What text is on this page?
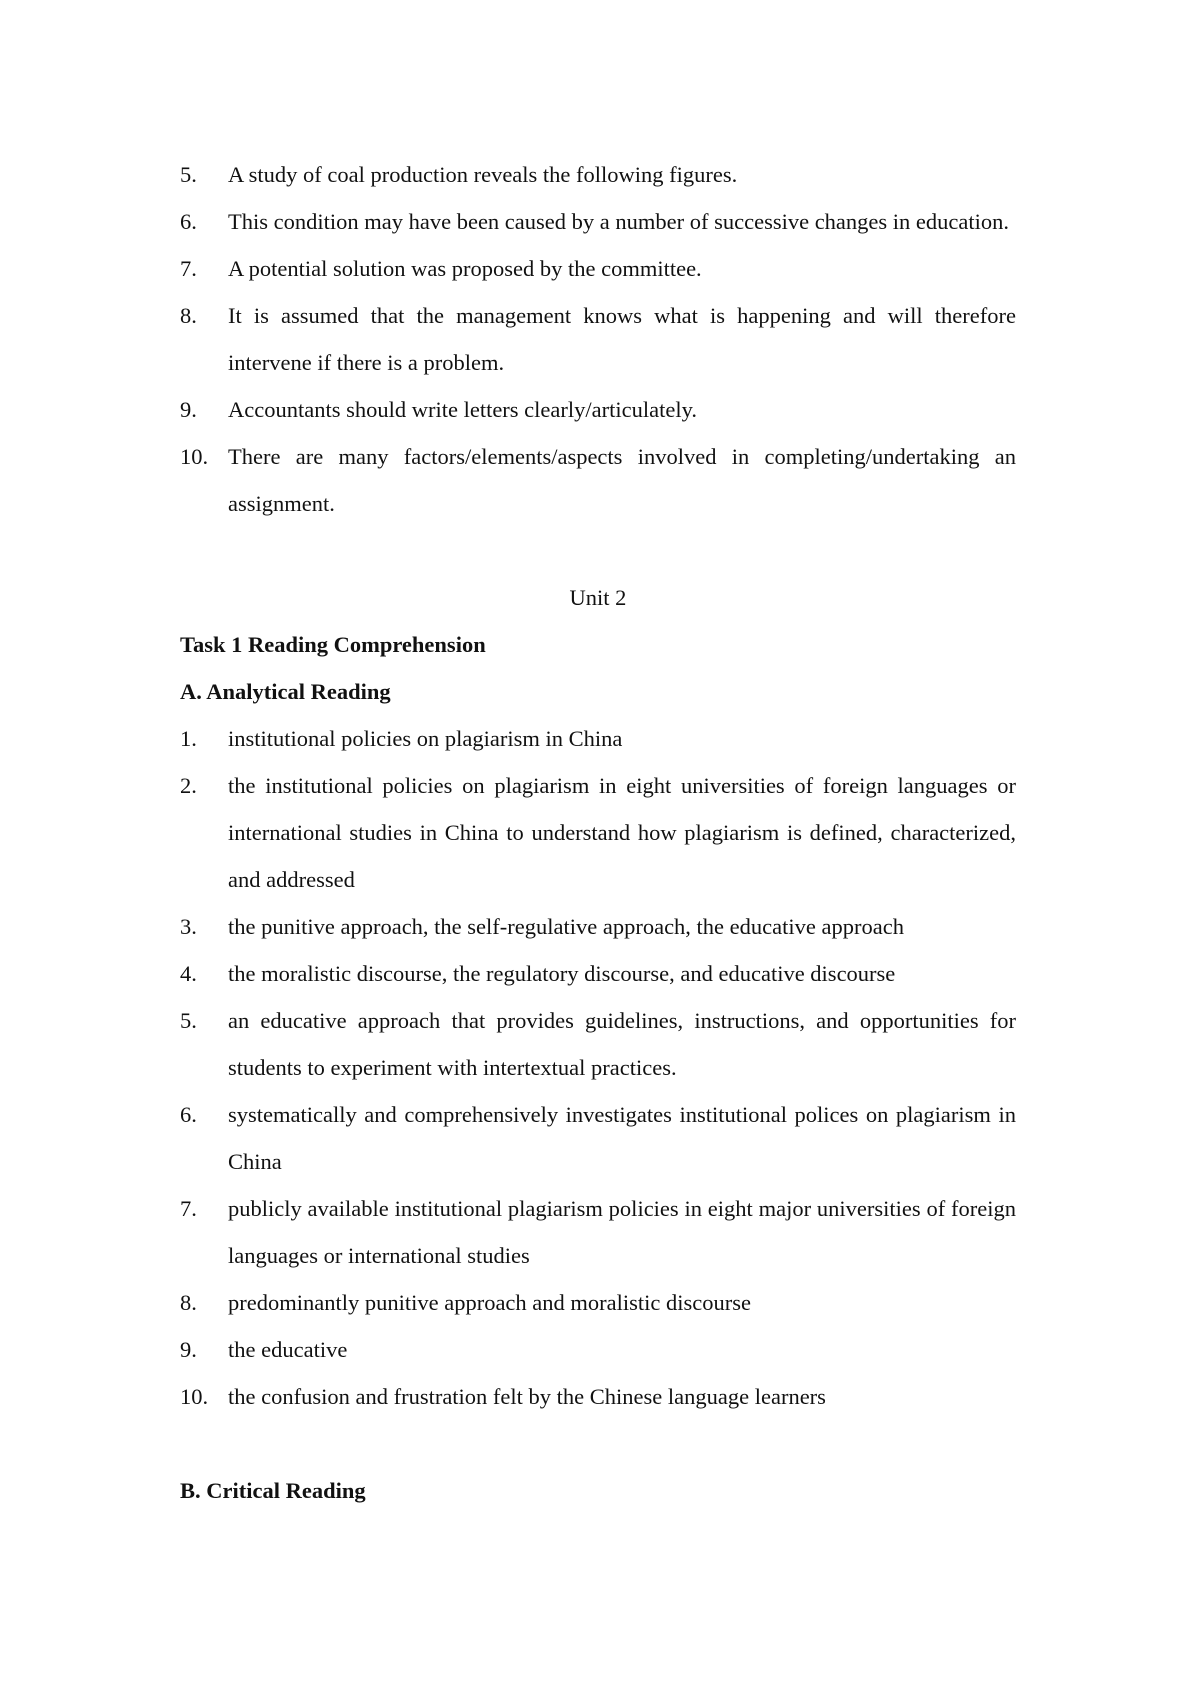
5.	A study of coal production reveals the following figures.
6.	This condition may have been caused by a number of successive changes in education.
7.	A potential solution was proposed by the committee.
8.	It is assumed that the management knows what is happening and will therefore intervene if there is a problem.
9.	Accountants should write letters clearly/articulately.
10. There are many factors/elements/aspects involved in completing/undertaking an assignment.

Unit 2

Task 1 Reading Comprehension

A. Analytical Reading

1.	institutional policies on plagiarism in China
2.	the institutional policies on plagiarism in eight universities of foreign languages or international studies in China to understand how plagiarism is defined, characterized, and addressed
3.	the punitive approach, the self-regulative approach, the educative approach
4.	the moralistic discourse, the regulatory discourse, and educative discourse
5.	an educative approach that provides guidelines, instructions, and opportunities for students to experiment with intertextual practices.
6.	systematically and comprehensively investigates institutional polices on plagiarism in China
7.	publicly available institutional plagiarism policies in eight major universities of foreign languages or international studies
8.	predominantly punitive approach and moralistic discourse
9.	the educative
10. the confusion and frustration felt by the Chinese language learners

B. Critical Reading
